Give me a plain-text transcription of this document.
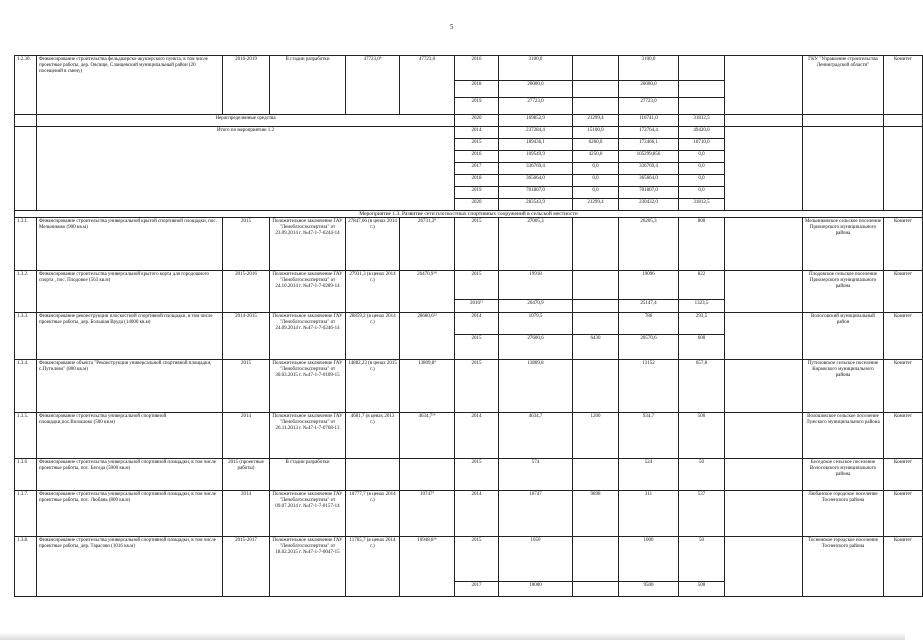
5
1.2.30.	Финансирование строительства фельдшерско-акушерского пункта, в том числе проектные работы, дер. Овсище, Сланцевский муниципальный район (20 посещений в смену)	2016-2019	В стадии разработки	47723,0⁸	47723,0	2016	3100,0		3100,0			ГКУ "Управление строительства Ленинградской области"	Комитет
						2018	20000,0		20000,0				
						2019	27723,0		27723,0				
	Нераспределенные средства					2020	169852,9	21299,4	116741,0	31812,5			
	Итого по мероприятию 1.2					2014	237284,4	15100,0	172764,4	49420,0			
						2015	189436,1	6260,0	172466,1	10710,0			
						2016	109549,9	4250,0	105299,856	0,0			
						2017	336769,4	0,0	336769,4	0,0			
						2018	365664,0	0,0	365664,0	0,0			
						2019	701807,0	0,0	701807,0	0,0			
						2020	283543,9	21299,4	230432,0	31812,5			
Мероприятие 1.3. Развитие сети плоскостных спортивных сооружений в сельской местности													
1.3.1.	Финансирование строительства универсальной крытой спортивной площадки, пос. Мельниково (900 кв.м)	2015	Положительное заключение ГАУ "Леноблгосэкспертиза" от 23.09.2014 г. №47-1-7-0244-14	27847,66 (в ценах 2014 г.)	26731,3⁹	2015	27005,3		26205,3	800		Мельниковское сельское поселение Приозерского муниципального района	Комитет
1.3.2.	Финансирование строительства универсальной крытого корта для городошного спорта , пос. Плодовое (563 кв.м)	2015-2016	Положительное заключение ГАУ "Леноблгосэкспертиза" от 24.10.2014 г. №47-1-7-0289-14	27931,3 (в ценах 2014 г.)	26470,9¹⁰	2015	19918		19096	822		Плодовское сельское поселение Приозерского муниципального района	Комитет
						2016¹¹	26470,9		25147,4	1323,5			
1.3.3.	Финансирование реконструкции плоскостной спортивной площадки, в том числе проектные работы, дер. Большая Вруда (14000 кв.м)	2014-2015	Положительное заключение ГАУ "Леноблгосэкспертиза" от 24.09.2014 г. №47-1-7-0246-14	28859,2 (в ценах 2014 г.)	28680,6¹²	2014	1079,5		786	293,5		Волосовский муниципальный район	Комитет
						2015	27600,6	6430	20570,6	600			
1.3.4.	Финансирование объекта "Реконструкция универсальной спортивной площадки, с.Путилово" (800 кв.м)	2015	Положительное заключение ГАУ "Леноблгосэкспертиза" от 30.03.2015 г. №47-1-7-0109-15	14882,23 (в ценах 2015 г.)	13809,8⁹	2015	13809,8		13152	657,8		Путиловское сельское поселение Кировского муниципального района	Комитет
1.3.5.	Финансирование строительства универсальной спортивной площадки,пос.Волошово (500 кв.м)	2014	Положительное заключение ГАУ "Леноблгосэкспертиза" от 26.11.2013 г. №47-1-7-0768-13	4681,7 (в ценах 2013 г.)	4634,7¹⁴	2014	4634,7	1200	934,7	500		Волошовское сельское поселение Лужского муниципального района	Комитет
1.3.6	Финансирование строительства универсальной спортивной площадки, в том числе проектные работы, пос. Беседа (5000 кв.м)	2015 (проектные работы)	В стадии разработки			2015	574		524	50		Беседское сельское поселение Волосовского муниципального района	Комитет
1.3.7.	Финансирование строительства универсальной спортивной площадки, в том числе проектные работы, пос. Любань (800 кв.м)	2014	Положительное заключение ГАУ "Леноблгосэкспертиза" от 09.07.2014 г. №47-1-7-0157-14	10777,7 (в ценах 2014 г.)	10747³	2014	10747	9898	311	537		Любанское городское поселение Тосненского района	Комитет
1.3.8.	Финансирование строительства универсальной спортивной площадки, в том числе проектные работы, дер. Тарасово (1016 кв.м)	2015-2017	Положительное заключение ГАУ "Леноблгосэкспертиза" от 18.02.2015 г. №47-1-7-0047-15	11765,7 (в ценах 2014 г.)	10948,8¹⁶	2015	1050		1000	50		Тосненское городское поселение Тосненского района	Комитет
						2017	10000		9500	500			
